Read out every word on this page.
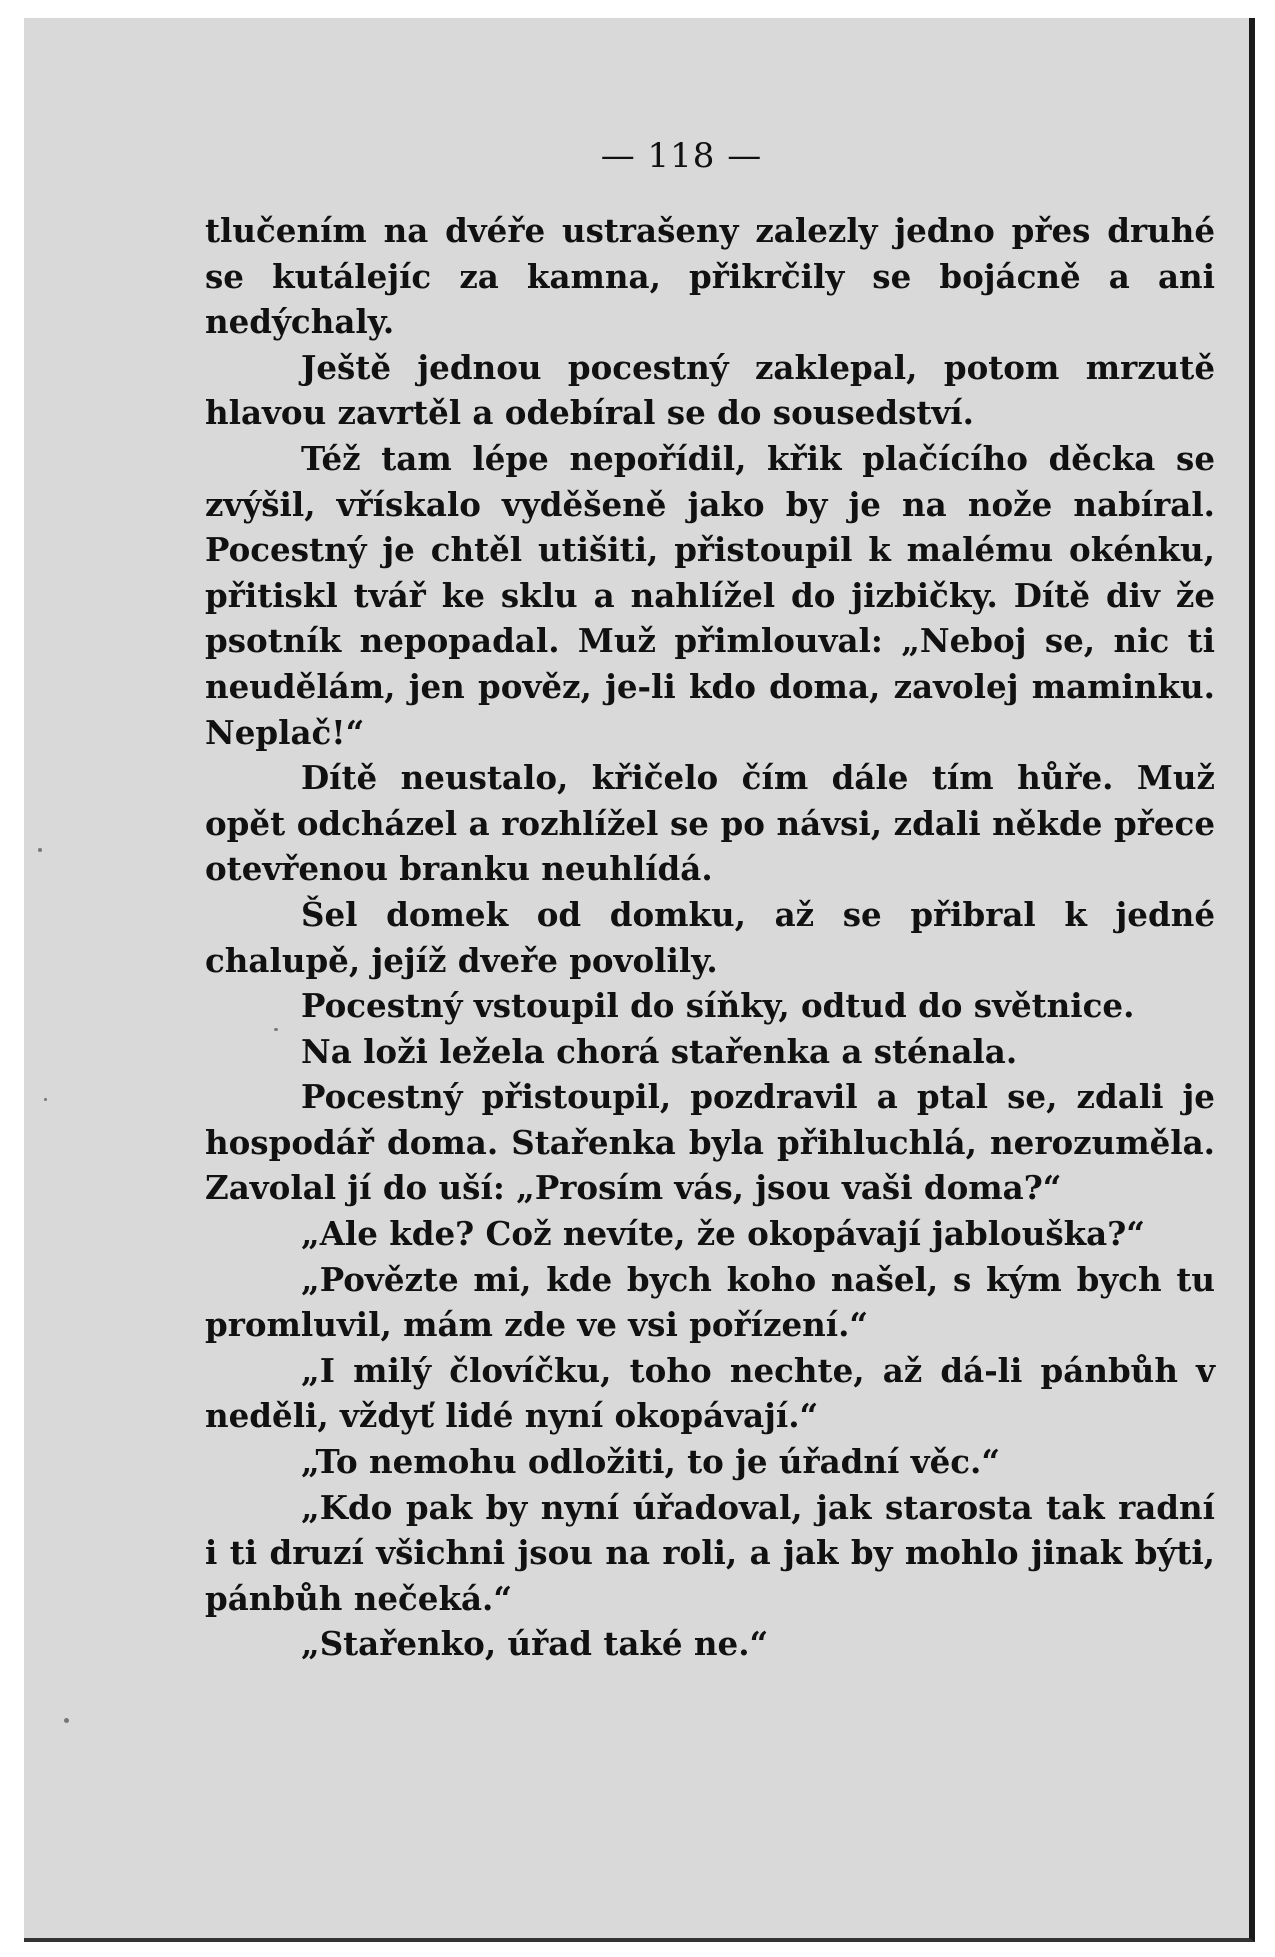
— 118 —

tlučením na dvéře ustrašeny zalezly jedno přes druhé se kutálejíc za kamna, přikrčily se bojácně a ani nedýchaly.

Ještě jednou pocestný zaklepal, potom mrzutě hlavou zavrtěl a odebíral se do sousedství.

Též tam lépe nepořídil, křik plačícího děcka se zvýšil, vřískalo vyděšeně jako by je na nože nabíral. Pocestný je chtěl utišiti, přistoupil k malému okénku, přitiskl tvář ke sklu a nahlížel do jizbičky. Dítě div že psotník nepopadal. Muž přimlouval: „Neboj se, nic ti neudělám, jen pověz, je-li kdo doma, zavolej maminku. Neplač!“

Dítě neustalo, křičelo čím dále tím hůře. Muž opět odcházel a rozhlížel se po návsi, zdali někde přece otevřenou branku neuhlídá.

Šel domek od domku, až se přibral k jedné chalupě, jejíž dveře povolily.

Pocestný vstoupil do síňky, odtud do světnice.

Na loži ležela chorá stařenka a sténala.

Pocestný přistoupil, pozdravil a ptal se, zdali je hospodář doma. Stařenka byla přihluchlá, nerozuměla. Zavolal jí do uší: „Prosím vás, jsou vaši doma?“

„Ale kde? Což nevíte, že okopávají jablouška?“

„Povězte mi, kde bych koho našel, s kým bych tu promluvil, mám zde ve vsi pořízení.“

„I milý človíčku, toho nechte, až dá-li pánbůh v neděli, vždyť lidé nyní okopávají.“

„To nemohu odložiti, to je úřadní věc.“

„Kdo pak by nyní úřadoval, jak starosta tak radní i ti druzí všichni jsou na roli, a jak by mohlo jinak býti, pánbůh nečeká.“

„Stařenko, úřad také ne.“
